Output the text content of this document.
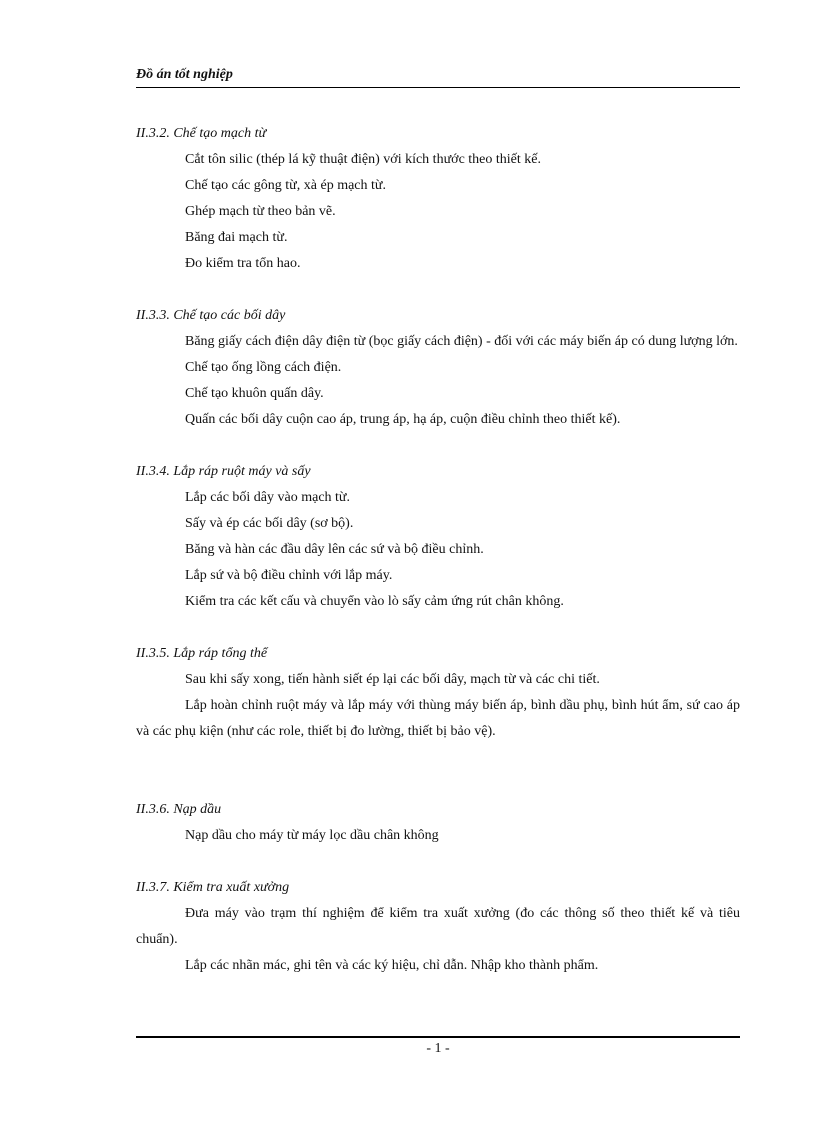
Đồ án tốt nghiệp

II.3.2. Chế tạo mạch từ

Cắt tôn silic (thép lá kỹ thuật điện) với kích thước theo thiết kế.

Chế tạo các gông từ, xà ép mạch từ.

Ghép mạch từ theo bản vẽ.

Băng đai mạch từ.

Đo kiểm tra tổn hao.

II.3.3. Chế tạo các bối dây

Băng giấy cách điện dây điện từ (bọc giấy cách điện) - đối với các máy biến áp có dung lượng lớn.

Chế tạo ống lồng cách điện.

Chế tạo khuôn quấn dây.

Quấn các bối dây cuộn cao áp, trung áp, hạ áp, cuộn điều chỉnh theo thiết kế).

II.3.4. Lắp ráp ruột máy và sấy

Lắp các bối dây vào mạch từ.

Sấy và ép các bối dây (sơ bộ).

Băng và hàn các đầu dây lên các sứ và bộ điều chỉnh.

Lắp sứ và bộ điều chỉnh với lắp máy.

Kiểm tra các kết cấu và chuyển vào lò sấy cảm ứng rút chân không.

II.3.5. Lắp ráp tổng thể

Sau khi sấy xong, tiến hành siết ép lại các bối dây, mạch từ và các chi tiết.

Lắp hoàn chỉnh ruột máy và lắp máy với thùng máy biến áp, bình dầu phụ, bình hút ẩm, sứ cao áp và các phụ kiện (như các role, thiết bị đo lường, thiết bị bảo vệ).

II.3.6. Nạp dầu

Nạp dầu cho máy từ máy lọc dầu chân không

II.3.7. Kiểm tra xuất xưởng

Đưa máy vào trạm thí nghiệm để kiểm tra xuất xưởng (đo các thông số theo thiết kế và tiêu chuẩn).

Lắp các nhãn mác, ghi tên và các ký hiệu, chỉ dẫn. Nhập kho thành phẩm.

- 1 -
